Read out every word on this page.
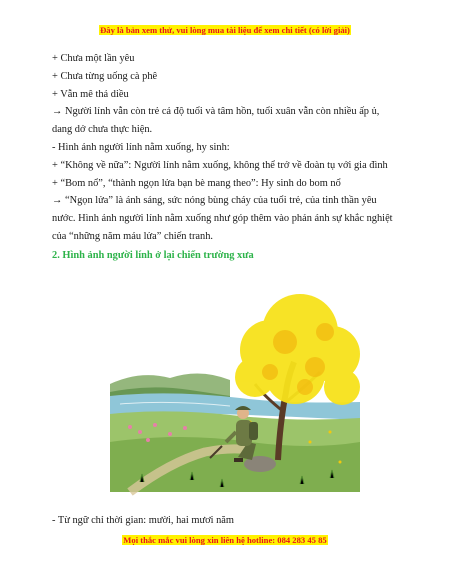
Đây là bản xem thử, vui lòng mua tài liệu để xem chi tiết (có lời giải)

+ Chưa một lần yêu

+ Chưa từng uống cà phê

+ Vẫn mê thả diều

→ Người lính vẫn còn trẻ cả độ tuổi và tâm hồn, tuổi xuân vẫn còn nhiều ấp ủ, dang dở chưa thực hiện.

- Hình ảnh người lính nằm xuống, hy sinh:

+ “Không về nữa”: Người lính nằm xuống, không thể trở về đoàn tụ với gia đình

+ “Bom nổ”, “thành ngọn lửa bạn bè mang theo”: Hy sinh do bom nổ

→ “Ngọn lửa” là ánh sáng, sức nóng bùng cháy của tuổi trẻ, của tinh thần yêu nước. Hình ảnh người lính nằm xuống như góp thêm vào phản ánh sự khắc nghiệt của “những năm máu lửa” chiến tranh.

2. Hình ảnh người lính ở lại chiến trường xưa

- Từ ngữ chỉ thời gian: mười, hai mươi năm

Mọi thắc mắc vui lòng xin liên hệ hotline: 084 283 45 85
